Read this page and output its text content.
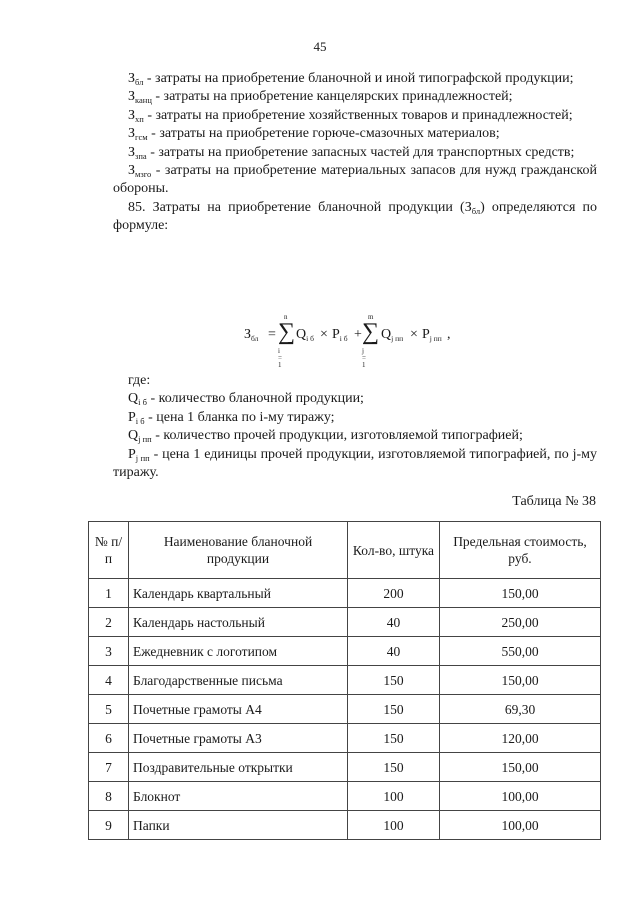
45

$З_{бл}$ - затраты на приобретение бланочной и иной типографской продукции;

$З_{канц}$ - затраты на приобретение канцелярских принадлежностей;

$З_{хп}$ - затраты на приобретение хозяйственных товаров и принадлежностей;

$З_{гсм}$ - затраты на приобретение горюче-смазочных материалов;

$З_{зпа}$ - затраты на приобретение запасных частей для транспортных средств;

$З_{мзго}$ - затраты на приобретение материальных запасов для нужд гражданской обороны.

85. Затраты на приобретение бланочной продукции $(З_{бл})$ определяются по формуле:

$З_{бл}$ =
n
∑
i = 1
$Q_{i б} \times P_{i б}$ +
m
∑
j = 1
$Q_{j пп} \times P_{j пп}$ ,

где:

$Q_{i б}$ - количество бланочной продукции;

$P_{i б}$ - цена 1 бланка по i-му тиражу;

$Q_{j пп}$ - количество прочей продукции, изготовляемой типографией;

$P_{j пп}$ - цена 1 единицы прочей продукции, изготовляемой типографией, по j-му тиражу.

Таблица № 38
№ п/п	Наименование бланочной продукции	Кол-во, штука	Предельная стоимость, руб.
1	Календарь квартальный	200	150,00
2	Календарь настольный	40	250,00
3	Ежедневник с логотипом	40	550,00
4	Благодарственные письма	150	150,00
5	Почетные грамоты А4	150	69,30
6	Почетные грамоты А3	150	120,00
7	Поздравительные открытки	150	150,00
8	Блокнот	100	100,00
9	Папки	100	100,00
